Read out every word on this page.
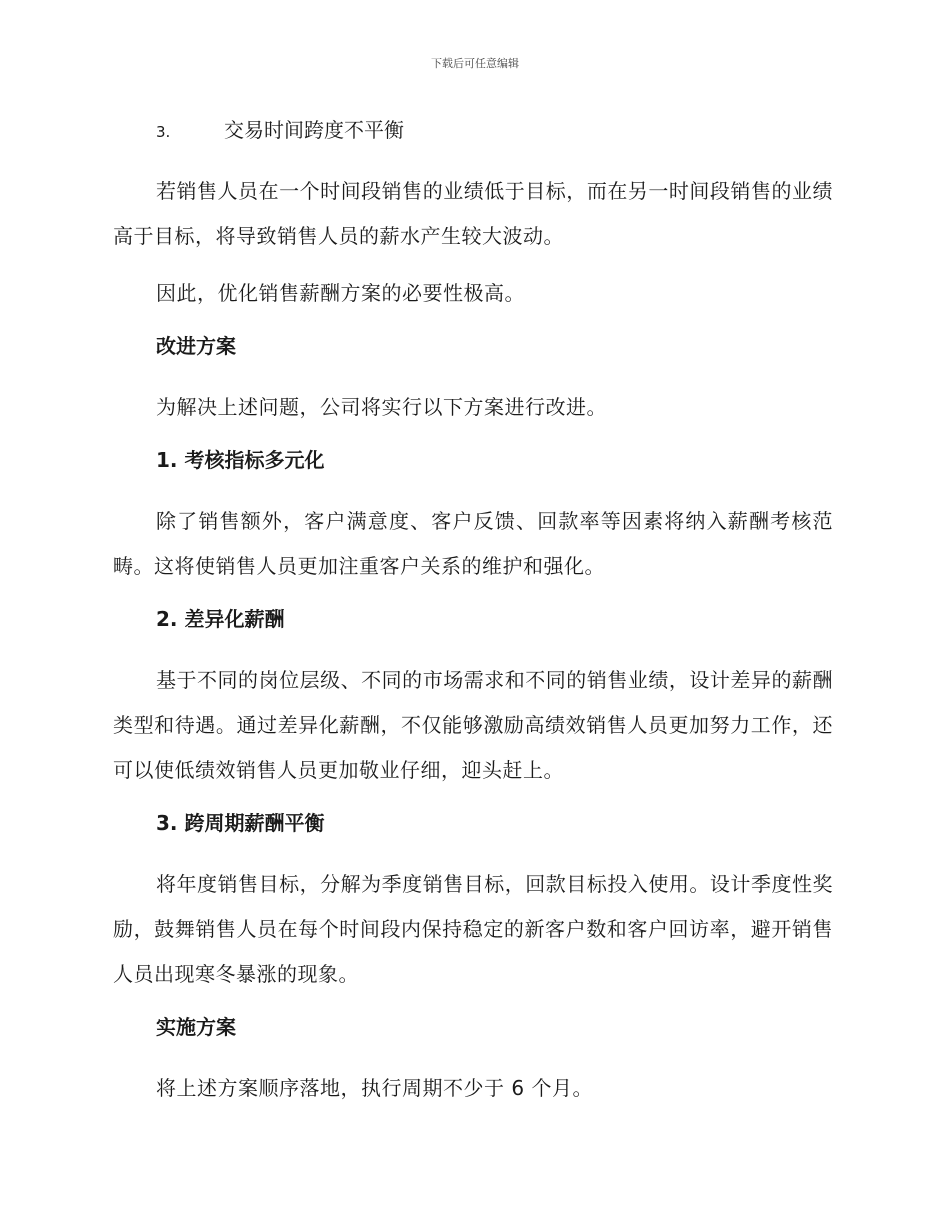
下载后可任意编辑
3.	交易时间跨度不平衡

若销售人员在一个时间段销售的业绩低于目标，而在另一时间段销售的业绩高于目标，将导致销售人员的薪水产生较大波动。

因此，优化销售薪酬方案的必要性极高。

改进方案

为解决上述问题，公司将实行以下方案进行改进。

1. 考核指标多元化

除了销售额外，客户满意度、客户反馈、回款率等因素将纳入薪酬考核范畴。这将使销售人员更加注重客户关系的维护和强化。

2. 差异化薪酬

基于不同的岗位层级、不同的市场需求和不同的销售业绩，设计差异的薪酬类型和待遇。通过差异化薪酬，不仅能够激励高绩效销售人员更加努力工作，还可以使低绩效销售人员更加敬业仔细，迎头赶上。

3. 跨周期薪酬平衡

将年度销售目标，分解为季度销售目标，回款目标投入使用。设计季度性奖励，鼓舞销售人员在每个时间段内保持稳定的新客户数和客户回访率，避开销售人员出现寒冬暴涨的现象。

实施方案

将上述方案顺序落地，执行周期不少于 6 个月。
